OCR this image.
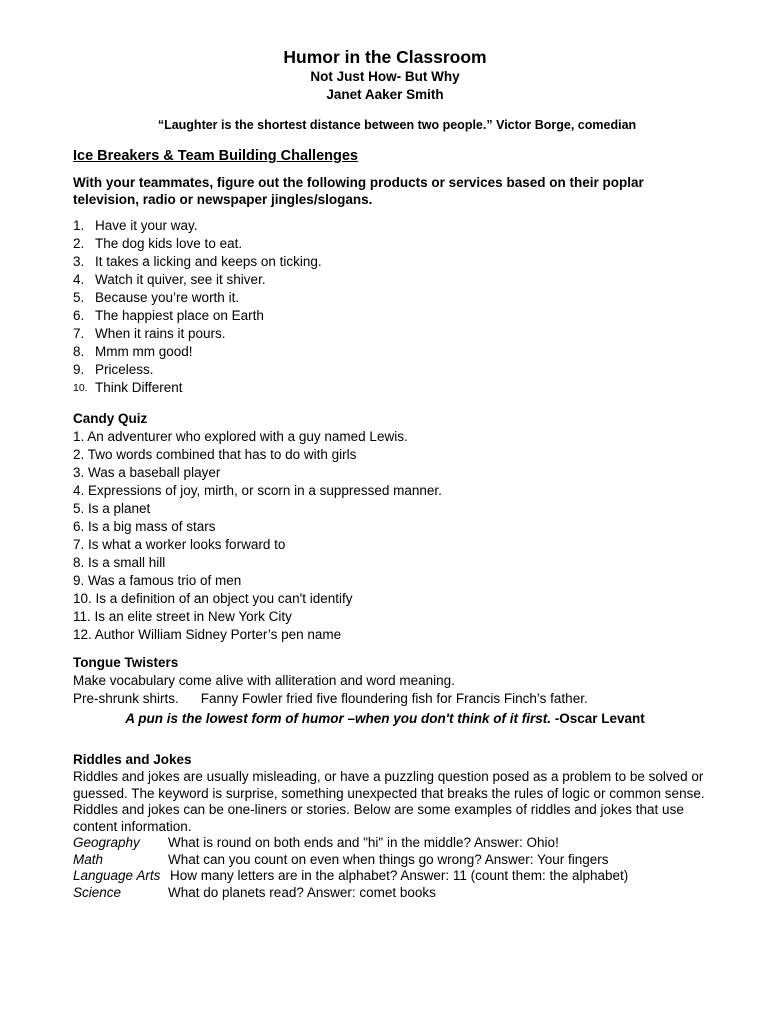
Humor in the Classroom
Not Just How- But Why
Janet Aaker Smith
“Laughter is the shortest distance between two people.” Victor Borge, comedian
Ice Breakers & Team Building Challenges
With your teammates, figure out the following products or services based on their poplar
television, radio or newspaper jingles/slogans.
1. Have it your way.
2. The dog kids love to eat.
3. It takes a licking and keeps on ticking.
4. Watch it quiver, see it shiver.
5. Because you’re worth it.
6. The happiest place on Earth
7. When it rains it pours.
8. Mmm mm good!
9. Priceless.
10. Think Different
Candy Quiz
1. An adventurer who explored with a guy named Lewis.
2. Two words combined that has to do with girls
3. Was a baseball player
4. Expressions of joy, mirth, or scorn in a suppressed manner.
5. Is a planet
6. Is a big mass of stars
7. Is what a worker looks forward to
8. Is a small hill
9. Was a famous trio of men
10. Is a definition of an object you can't identify
11. Is an elite street in New York City
12. Author William Sidney Porter’s pen name
Tongue Twisters
Make vocabulary come alive with alliteration and word meaning.
Pre-shrunk shirts. Fanny Fowler fried five floundering fish for Francis Finch’s father.
A pun is the lowest form of humor –when you don't think of it first. -Oscar Levant
Riddles and Jokes
Riddles and jokes are usually misleading, or have a puzzling question posed as a problem to be solved or
guessed. The keyword is surprise, something unexpected that breaks the rules of logic or common sense.
Riddles and jokes can be one-liners or stories. Below are some examples of riddles and jokes that use
content information.
Geography What is round on both ends and "hi" in the middle? Answer: Ohio!
Math	What can you count on even when things go wrong? Answer: Your fingers
Language Arts How many letters are in the alphabet? Answer: 11 (count them: the alphabet)
Science	What do planets read? Answer: comet books
